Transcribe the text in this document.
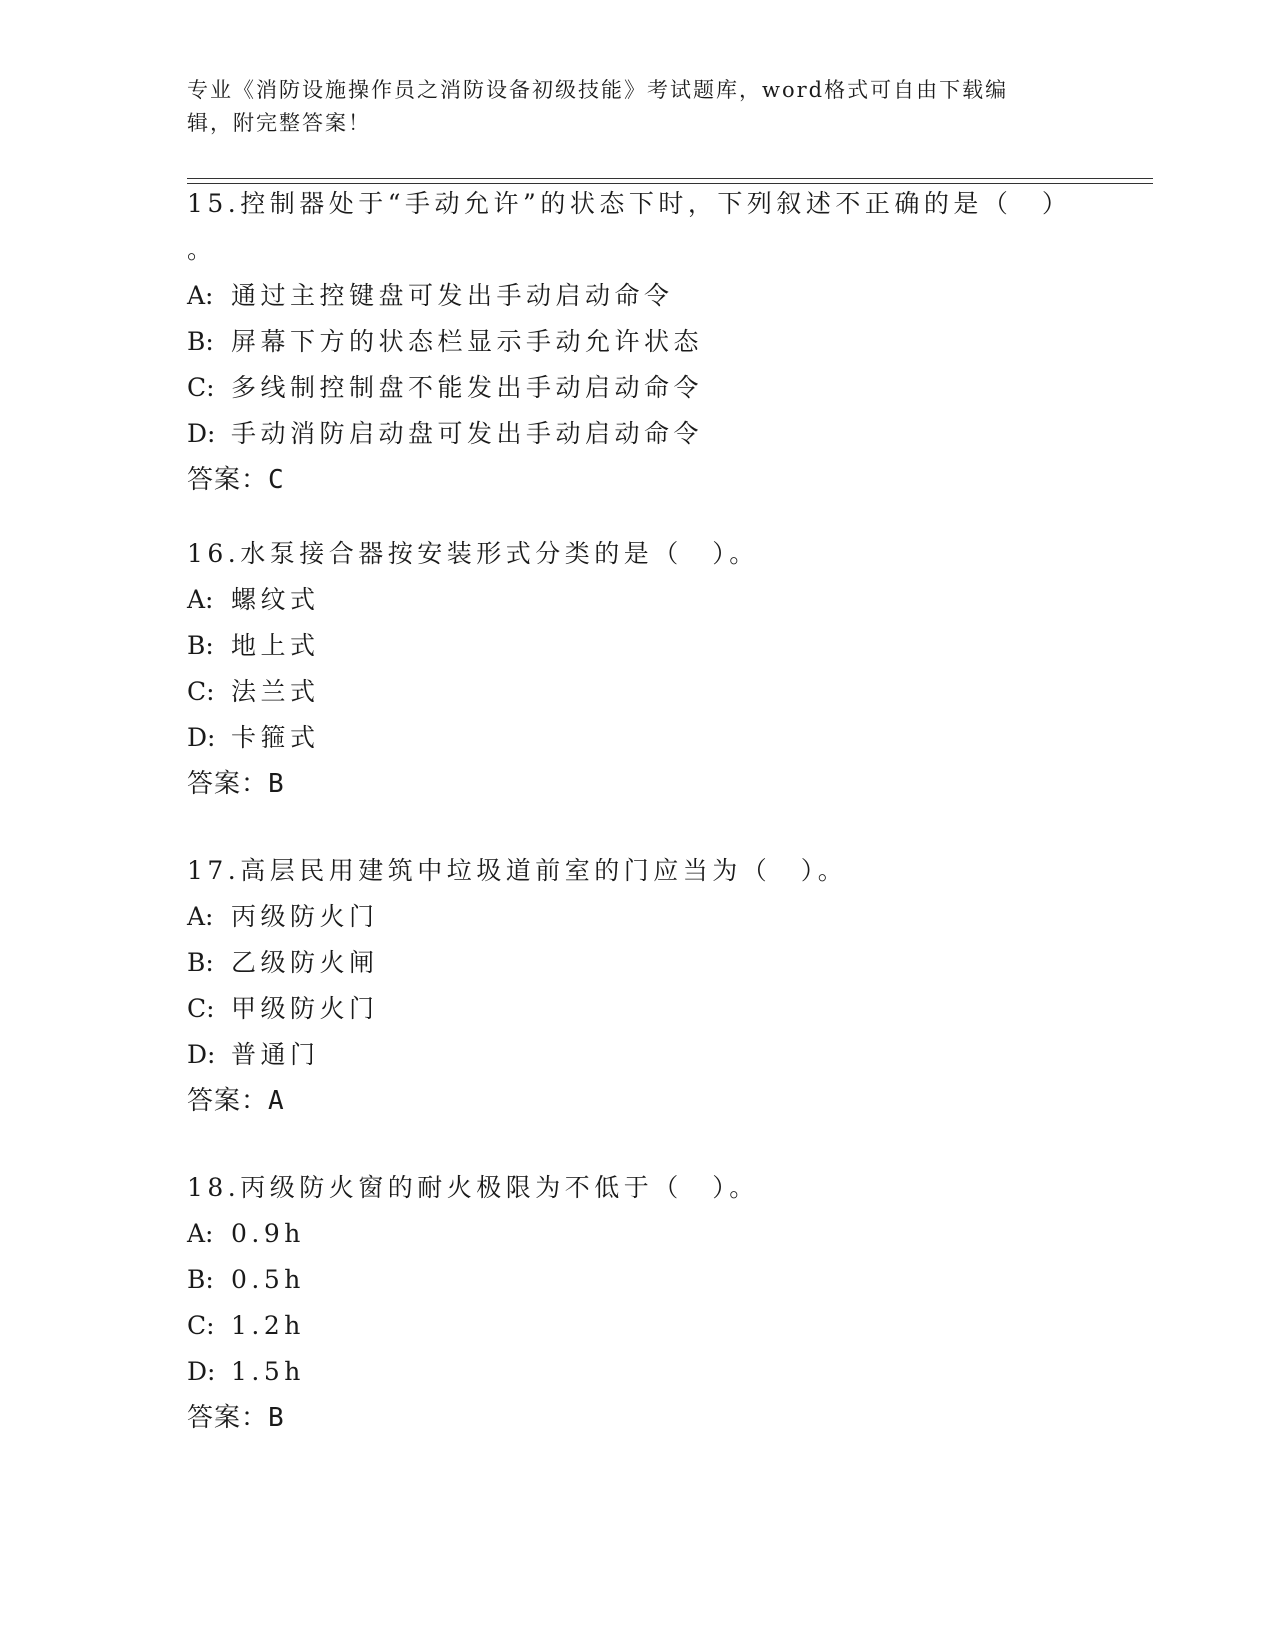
专业《消防设施操作员之消防设备初级技能》考试题库，word格式可自由下载编
辑，附完整答案！

15.控制器处于“手动允许”的状态下时，下列叙述不正确的是（　）

。

A: 通过主控键盘可发出手动启动命令

B: 屏幕下方的状态栏显示手动允许状态

C: 多线制控制盘不能发出手动启动命令

D: 手动消防启动盘可发出手动启动命令

答案：C

16.水泵接合器按安装形式分类的是（　）。

A: 螺纹式

B: 地上式

C: 法兰式

D: 卡箍式

答案：B

17.高层民用建筑中垃圾道前室的门应当为（　）。

A: 丙级防火门

B: 乙级防火闸

C: 甲级防火门

D: 普通门

答案：A

18.丙级防火窗的耐火极限为不低于（　）。

A: 0.9h

B: 0.5h

C: 1.2h

D: 1.5h

答案：B
